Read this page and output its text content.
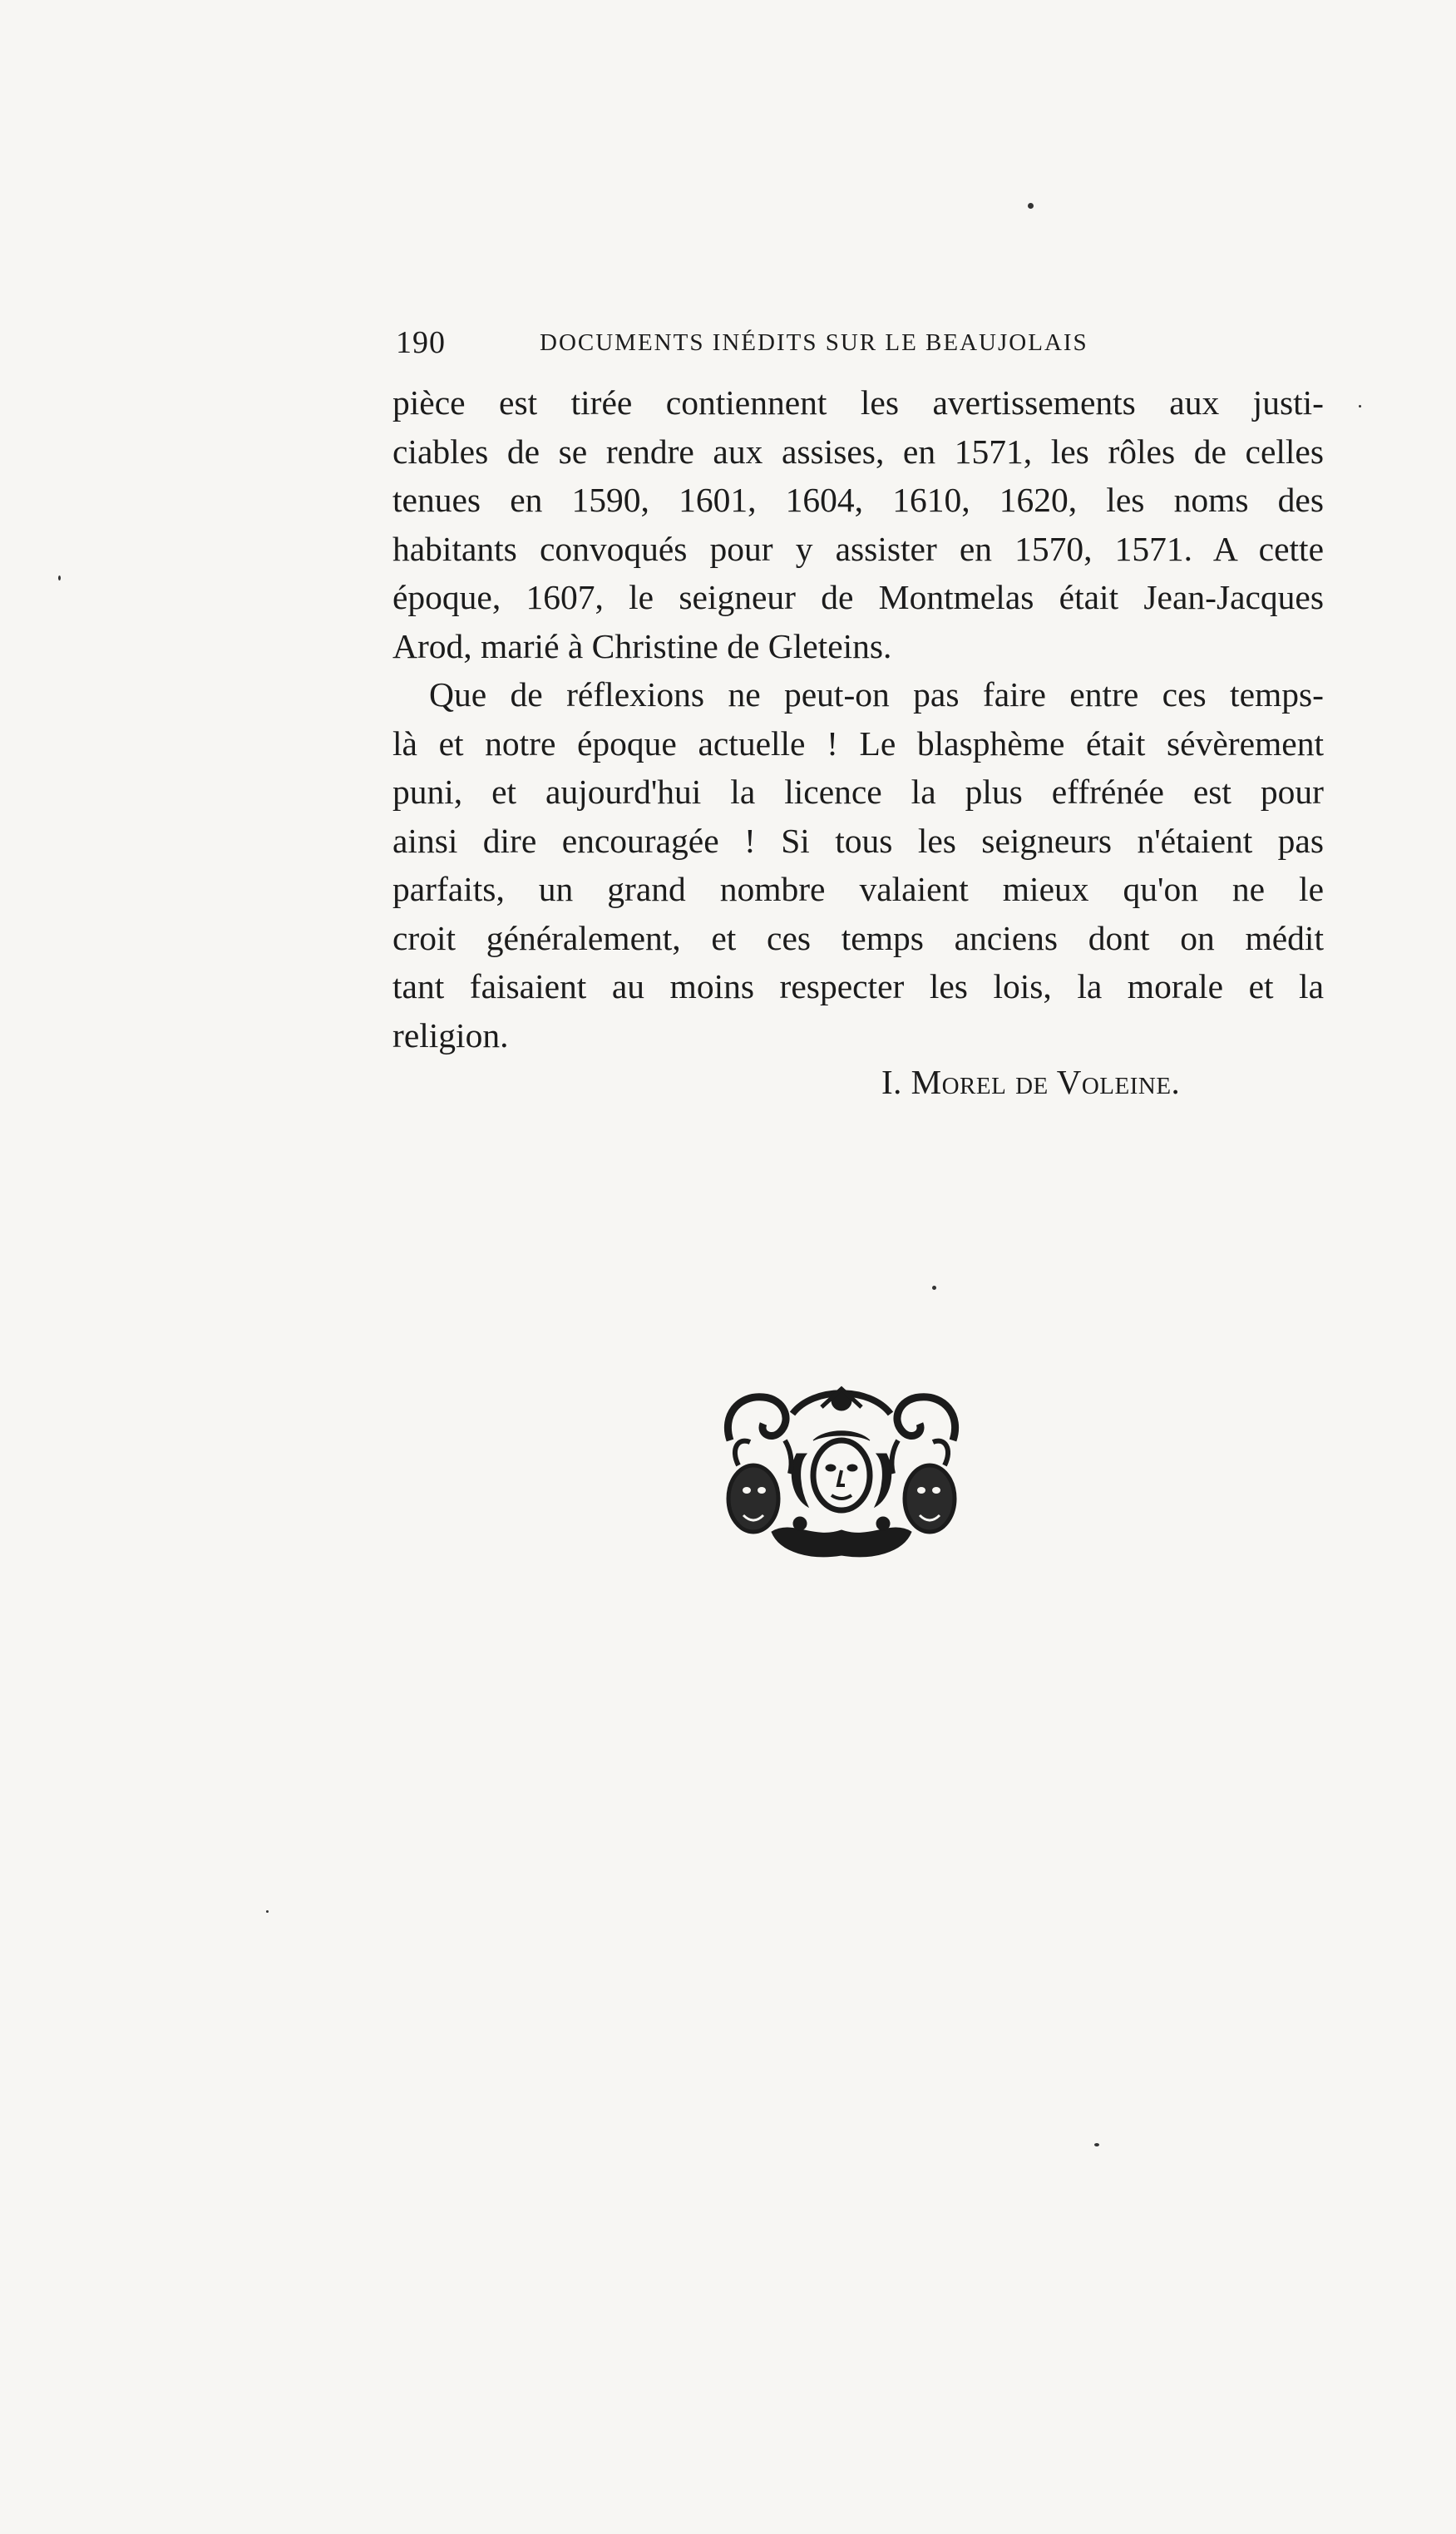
190	DOCUMENTS INÉDITS SUR LE BEAUJOLAIS
pièce est tirée contiennent les avertissements aux justi-
ciables de se rendre aux assises, en 1571, les rôles de celles
tenues en 1590, 1601, 1604, 1610, 1620, les noms des
habitants convoqués pour y assister en 1570, 1571. A cette
époque, 1607, le seigneur de Montmelas était Jean-Jacques
Arod, marié à Christine de Gleteins.
Que de réflexions ne peut-on pas faire entre ces temps-
là et notre époque actuelle ! Le blasphème était sévèrement
puni, et aujourd'hui la licence la plus effrénée est pour
ainsi dire encouragée ! Si tous les seigneurs n'étaient pas
parfaits, un grand nombre valaient mieux qu'on ne le
croit généralement, et ces temps anciens dont on médit
tant faisaient au moins respecter les lois, la morale et la
religion.
I. Morel de Voleine.
